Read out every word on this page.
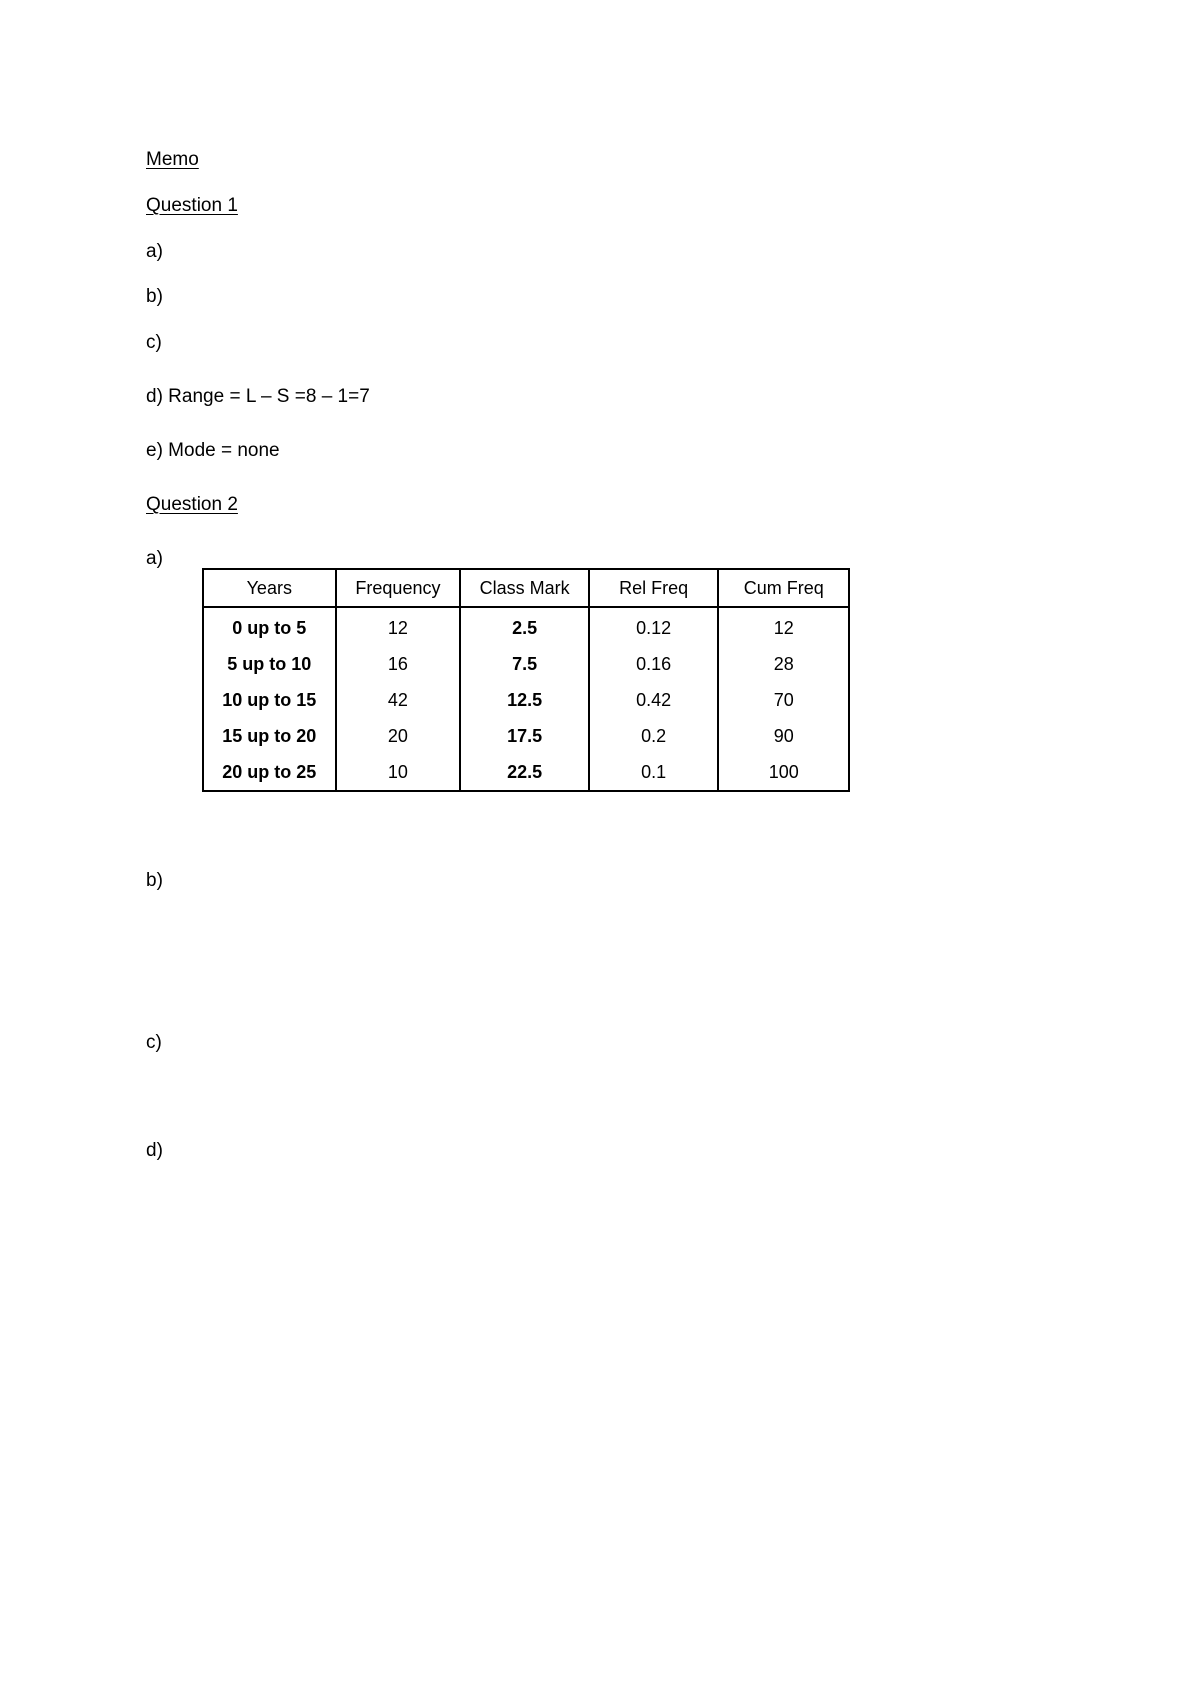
Memo

Question 1

a)

b)

c)

d) Range = L – S =8 – 1=7

e) Mode = none

Question 2

a)

Years	Frequency	Class Mark	Rel Freq	Cum Freq
0 up to 5	12	2.5	0.12	12
5 up to 10	16	7.5	0.16	28
10 up to 15	42	12.5	0.42	70
15 up to 20	20	17.5	0.2	90
20 up to 25	10	22.5	0.1	100

b)

c)

d)
